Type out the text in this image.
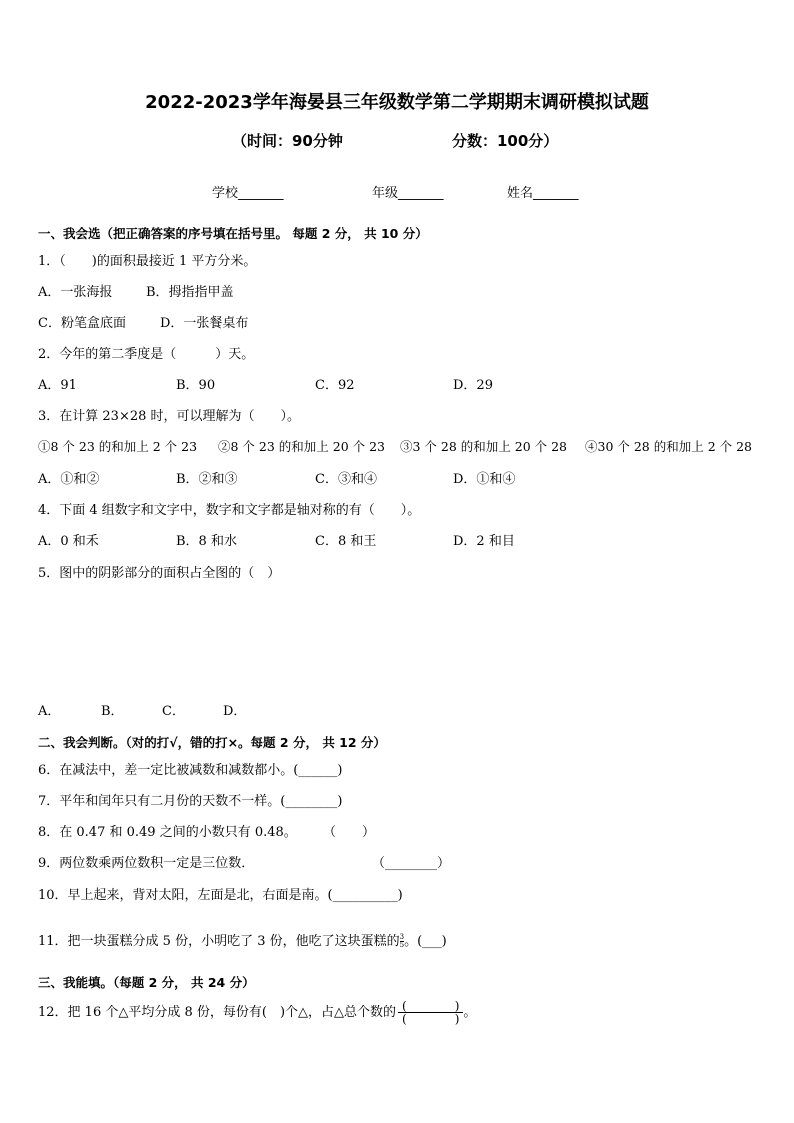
2022-2023学年海晏县三年级数学第二学期期末调研模拟试题
（时间：90分钟	分数：100分）
学校_______	年级_______	姓名_______
一、我会选（把正确答案的序号填在括号里。 每题 2 分， 共 10 分）
1．（　　)的面积最接近 1 平方分米。
A．一张海报	B．拇指指甲盖
C．粉笔盒底面	D．一张餐桌布
2．今年的第二季度是（　　　）天。
A．91	B．90	C．92	D．29
3．在计算 23×28 时，可以理解为（　　）。
①8 个 23 的和加上 2 个 23 ②8 个 23 的和加上 20 个 23 ③3 个 28 的和加上 20 个 28 ④30 个 28 的和加上 2 个 28
A．①和②	B．②和③	C．③和④	D．①和④
4．下面 4 组数字和文字中，数字和文字都是轴对称的有（　　）。
A．0 和禾	B．8 和水	C．8 和王	D．2 和目
5．图中的阴影部分的面积占全图的（　）
A．	B．	C．	D．
二、我会判断。（对的打√，错的打×。每题 2 分， 共 12 分）
6．在减法中，差一定比被减数和减数都小。(______)
7．平年和闰年只有二月份的天数不一样。(________)
8．在 0.47 和 0.49 之间的小数只有 0.48。 （　　）
9．两位数乘两位数积一定是三位数．	（________）
10．早上起来，背对太阳，左面是北，右面是南。(__________)
11．把一块蛋糕分成 5 份，小明吃了 3 份，他吃了这块蛋糕的 $\frac{3}{5}$ 。(___)
三、我能填。（每题 2 分， 共 24 分）
12．把 16 个△平均分成 8 份，每份有(　)个△，占△总个数的 $\frac{( )}{( )}$ 。
